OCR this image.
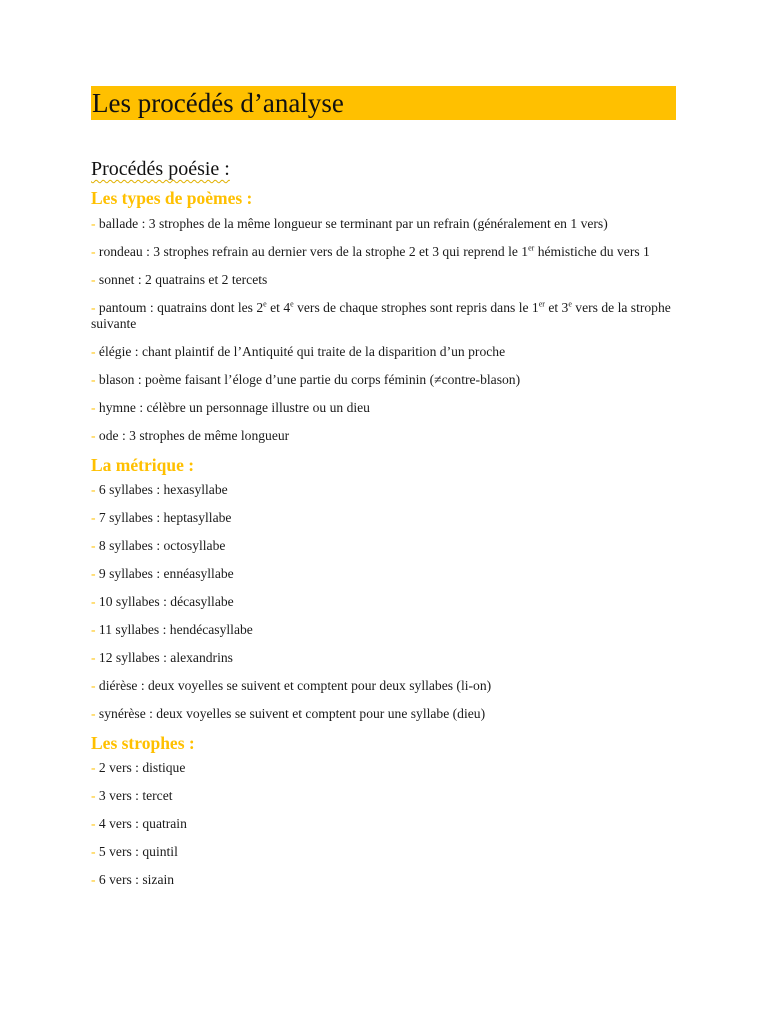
Les procédés d’analyse
Procédés poésie :
Les types de poèmes :
- ballade : 3 strophes de la même longueur se terminant par un refrain (généralement en 1 vers)
- rondeau : 3 strophes refrain au dernier vers de la strophe 2 et 3 qui reprend le 1er hémistiche du vers 1
- sonnet : 2 quatrains et 2 tercets
- pantoum : quatrains dont les 2e et 4e vers de chaque strophes sont repris dans le 1er et 3e vers de la strophe suivante
- élégie : chant plaintif de l’Antiquité qui traite de la disparition d’un proche
- blason : poème faisant l’éloge d’une partie du corps féminin (≠contre-blason)
- hymne : célèbre un personnage illustre ou un dieu
- ode : 3 strophes de même longueur
La métrique :
- 6 syllabes : hexasyllabe
- 7 syllabes : heptasyllabe
- 8 syllabes : octosyllabe
- 9 syllabes : ennéasyllabe
- 10 syllabes : décasyllabe
- 11 syllabes : hendécasyllabe
- 12 syllabes : alexandrins
- diérèse : deux voyelles se suivent et comptent pour deux syllabes (li-on)
- synérèse : deux voyelles se suivent et comptent pour une syllabe (dieu)
Les strophes :
- 2 vers : distique
- 3 vers : tercet
- 4 vers : quatrain
- 5 vers : quintil
- 6 vers : sizain
